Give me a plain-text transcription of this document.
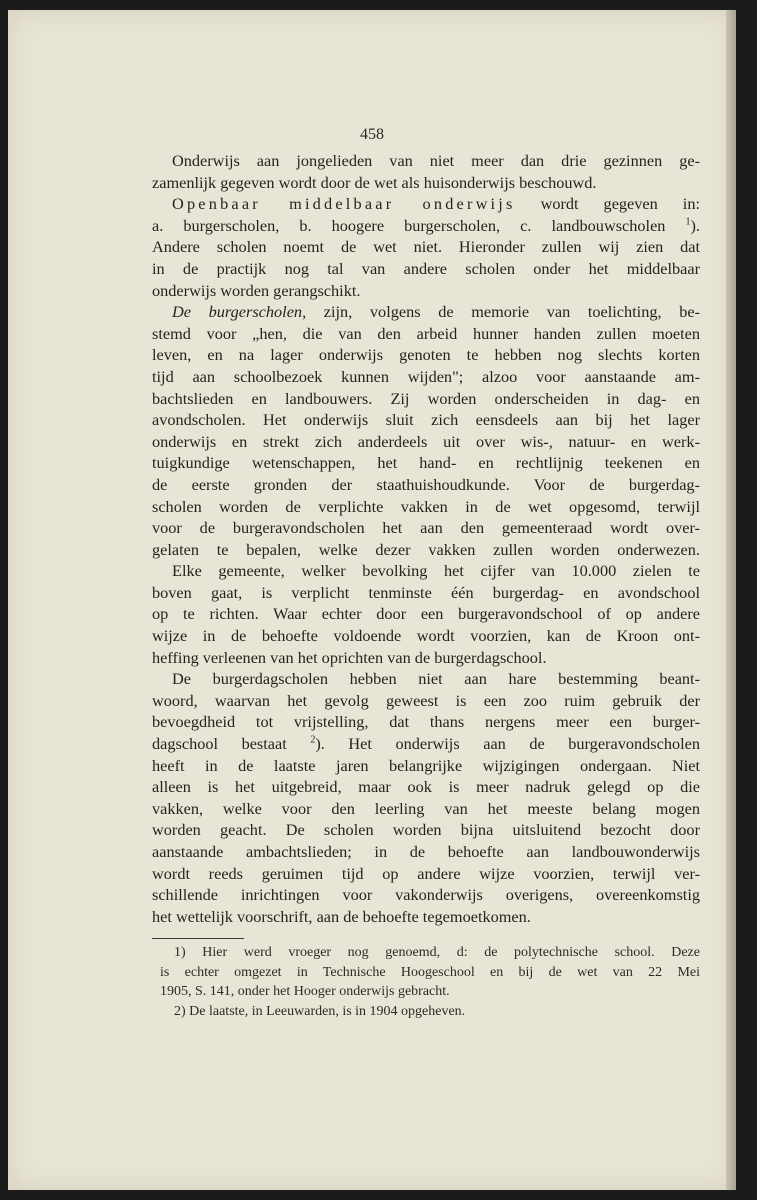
458
Onderwijs aan jongelieden van niet meer dan drie gezinnen ge-
zamenlijk gegeven wordt door de wet als huisonderwijs beschouwd.
Openbaar middelbaar onderwijs wordt gegeven in:
a. burgerscholen, b. hoogere burgerscholen, c. landbouwscholen $^1$).
Andere scholen noemt de wet niet. Hieronder zullen wij zien dat
in de practijk nog tal van andere scholen onder het middelbaar
onderwijs worden gerangschikt.
De burgerscholen, zijn, volgens de memorie van toelichting, be-
stemd voor „hen, die van den arbeid hunner handen zullen moeten
leven, en na lager onderwijs genoten te hebben nog slechts korten
tijd aan schoolbezoek kunnen wijden"; alzoo voor aanstaande am-
bachtslieden en landbouwers. Zij worden onderscheiden in dag- en
avondscholen. Het onderwijs sluit zich eensdeels aan bij het lager
onderwijs en strekt zich anderdeels uit over wis-, natuur- en werk-
tuigkundige wetenschappen, het hand- en rechtlijnig teekenen en
de eerste gronden der staathuishoudkunde. Voor de burgerdag-
scholen worden de verplichte vakken in de wet opgesomd, terwijl
voor de burgeravondscholen het aan den gemeenteraad wordt over-
gelaten te bepalen, welke dezer vakken zullen worden onderwezen.
Elke gemeente, welker bevolking het cijfer van 10.000 zielen te
boven gaat, is verplicht tenminste één burgerdag- en avondschool
op te richten. Waar echter door een burgeravondschool of op andere
wijze in de behoefte voldoende wordt voorzien, kan de Kroon ont-
heffing verleenen van het oprichten van de burgerdagschool.
De burgerdagscholen hebben niet aan hare bestemming beant-
woord, waarvan het gevolg geweest is een zoo ruim gebruik der
bevoegdheid tot vrijstelling, dat thans nergens meer een burger-
dagschool bestaat $^2$). Het onderwijs aan de burgeravondscholen
heeft in de laatste jaren belangrijke wijzigingen ondergaan. Niet
alleen is het uitgebreid, maar ook is meer nadruk gelegd op die
vakken, welke voor den leerling van het meeste belang mogen
worden geacht. De scholen worden bijna uitsluitend bezocht door
aanstaande ambachtslieden; in de behoefte aan landbouwonderwijs
wordt reeds geruimen tijd op andere wijze voorzien, terwijl ver-
schillende inrichtingen voor vakonderwijs overigens, overeenkomstig
het wettelijk voorschrift, aan de behoefte tegemoetkomen.
1) Hier werd vroeger nog genoemd, d: de polytechnische school. Deze
is echter omgezet in Technische Hoogeschool en bij de wet van 22 Mei
1905, S. 141, onder het Hooger onderwijs gebracht.
2) De laatste, in Leeuwarden, is in 1904 opgeheven.
